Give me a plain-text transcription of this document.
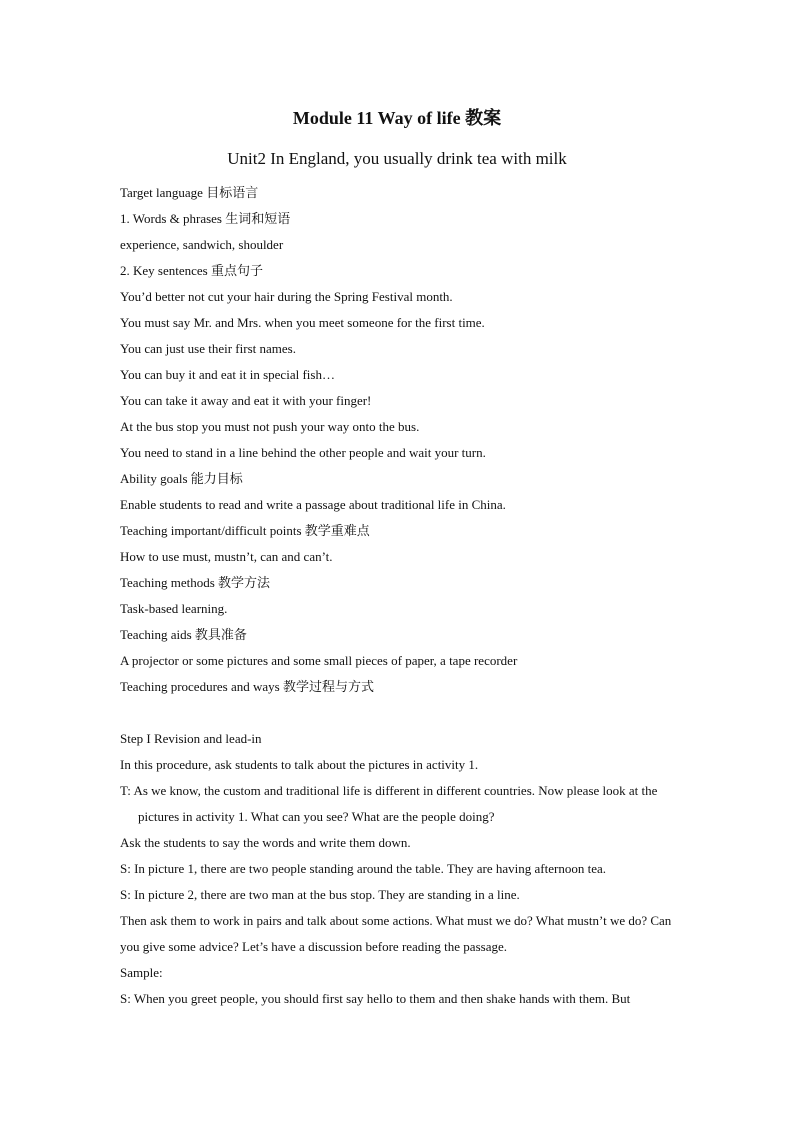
Module 11 Way of life 教案
Unit2 In England, you usually drink tea with milk
Target language 目标语言
1. Words & phrases 生词和短语
experience, sandwich, shoulder
2. Key sentences 重点句子
You’d better not cut your hair during the Spring Festival month.
You must say Mr. and Mrs. when you meet someone for the first time.
You can just use their first names.
You can buy it and eat it in special fish…
You can take it away and eat it with your finger!
At the bus stop you must not push your way onto the bus.
You need to stand in a line behind the other people and wait your turn.
Ability goals 能力目标
Enable students to read and write a passage about traditional life in China.
Teaching important/difficult points 教学重难点
How to use must, mustn’t, can and can’t.
Teaching methods 教学方法
Task-based learning.
Teaching aids 教具准备
A projector or some pictures and some small pieces of paper, a tape recorder
Teaching procedures and ways 教学过程与方式
Step I Revision and lead-in
In this procedure, ask students to talk about the pictures in activity 1.
T: As we know, the custom and traditional life is different in different countries. Now please look at the pictures in activity 1. What can you see? What are the people doing?
Ask the students to say the words and write them down.
S: In picture 1, there are two people standing around the table. They are having afternoon tea.
S: In picture 2, there are two man at the bus stop. They are standing in a line.
Then ask them to work in pairs and talk about some actions. What must we do? What mustn’t we do? Can you give some advice? Let’s have a discussion before reading the passage.
Sample:
S: When you greet people, you should first say hello to them and then shake hands with them. But
